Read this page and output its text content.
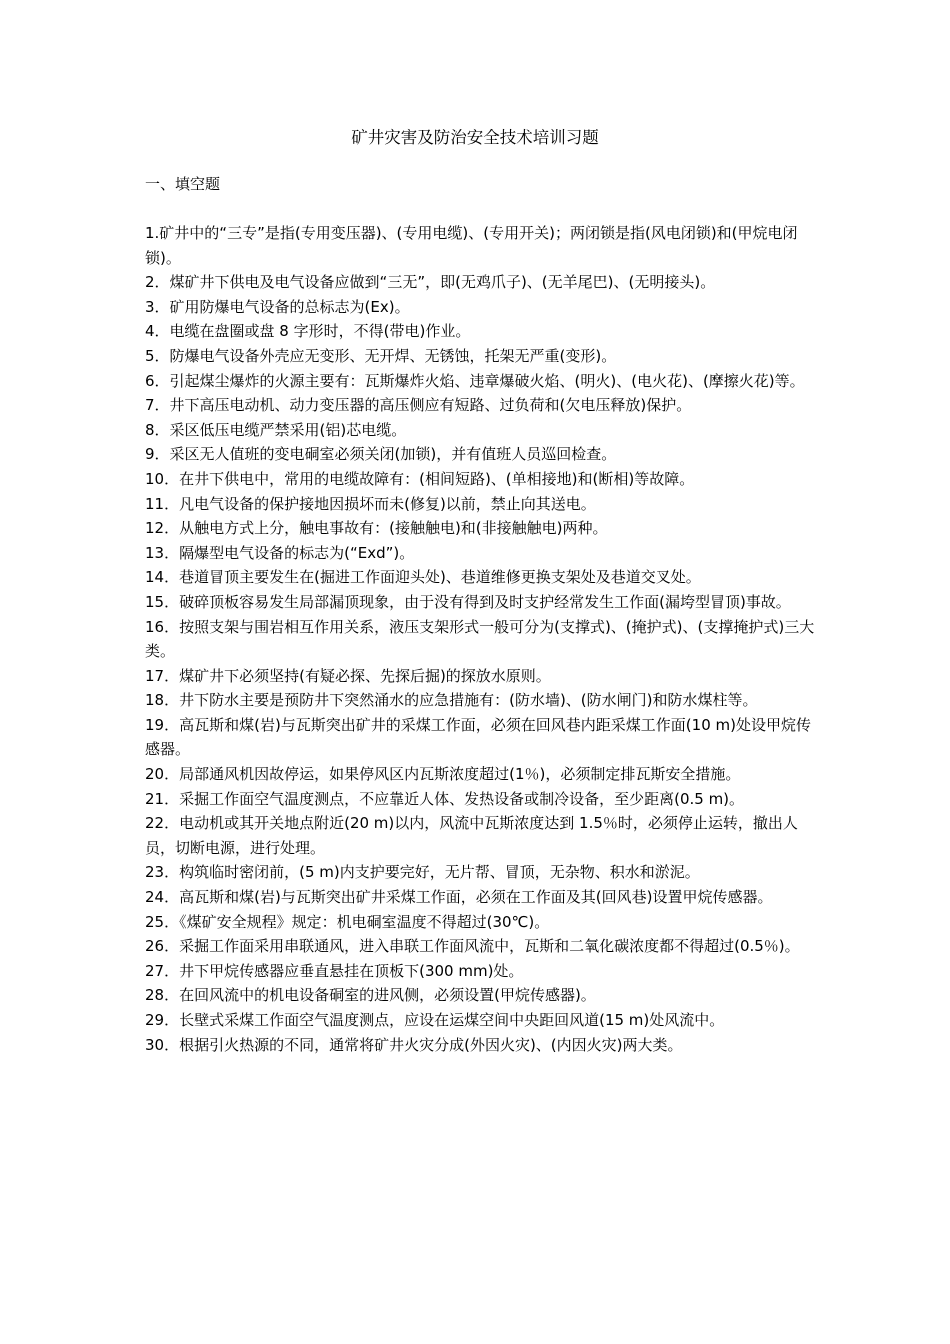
矿井灾害及防治安全技术培训习题
一、填空题
1.矿井中的“三专”是指(专用变压器)、(专用电缆)、(专用开关)；两闭锁是指(风电闭锁)和(甲烷电闭锁)。
2．煤矿井下供电及电气设备应做到“三无”，即(无鸡爪子)、(无羊尾巴)、(无明接头)。
3．矿用防爆电气设备的总标志为(Ex)。
4．电缆在盘圈或盘 8 字形时，不得(带电)作业。
5．防爆电气设备外壳应无变形、无开焊、无锈蚀，托架无严重(变形)。
6．引起煤尘爆炸的火源主要有：瓦斯爆炸火焰、违章爆破火焰、(明火)、(电火花)、(摩擦火花)等。
7．井下高压电动机、动力变压器的高压侧应有短路、过负荷和(欠电压释放)保护。
8．采区低压电缆严禁采用(铝)芯电缆。
9．采区无人值班的变电硐室必须关闭(加锁)，并有值班人员巡回检查。
10．在井下供电中，常用的电缆故障有：(相间短路)、(单相接地)和(断相)等故障。
11．凡电气设备的保护接地因损坏而未(修复)以前，禁止向其送电。
12．从触电方式上分，触电事故有：(接触触电)和(非接触触电)两种。
13．隔爆型电气设备的标志为(“Exd”)。
14．巷道冒顶主要发生在(掘进工作面迎头处)、巷道维修更换支架处及巷道交叉处。
15．破碎顶板容易发生局部漏顶现象，由于没有得到及时支护经常发生工作面(漏垮型冒顶)事故。
16．按照支架与围岩相互作用关系，液压支架形式一般可分为(支撑式)、(掩护式)、(支撑掩护式)三大类。
17．煤矿井下必须坚持(有疑必探、先探后掘)的探放水原则。
18．井下防水主要是预防井下突然涌水的应急措施有：(防水墙)、(防水闸门)和防水煤柱等。
19．高瓦斯和煤(岩)与瓦斯突出矿井的采煤工作面，必须在回风巷内距采煤工作面(10 m)处设甲烷传感器。
20．局部通风机因故停运，如果停风区内瓦斯浓度超过(1％)，必须制定排瓦斯安全措施。
21．采掘工作面空气温度测点，不应靠近人体、发热设备或制冷设备，至少距离(0.5 m)。
22．电动机或其开关地点附近(20 m)以内，风流中瓦斯浓度达到 1.5％时，必须停止运转，撤出人员，切断电源，进行处理。
23．构筑临时密闭前，(5 m)内支护要完好，无片帮、冒顶，无杂物、积水和淤泥。
24．高瓦斯和煤(岩)与瓦斯突出矿井采煤工作面，必须在工作面及其(回风巷)设置甲烷传感器。
25．《煤矿安全规程》规定：机电硐室温度不得超过(30℃)。
26．采掘工作面采用串联通风，进入串联工作面风流中，瓦斯和二氧化碳浓度都不得超过(0.5％)。
27．井下甲烷传感器应垂直悬挂在顶板下(300 mm)处。
28．在回风流中的机电设备硐室的进风侧，必须设置(甲烷传感器)。
29．长壁式采煤工作面空气温度测点，应设在运煤空间中央距回风道(15 m)处风流中。
30．根据引火热源的不同，通常将矿井火灾分成(外因火灾)、(内因火灾)两大类。
